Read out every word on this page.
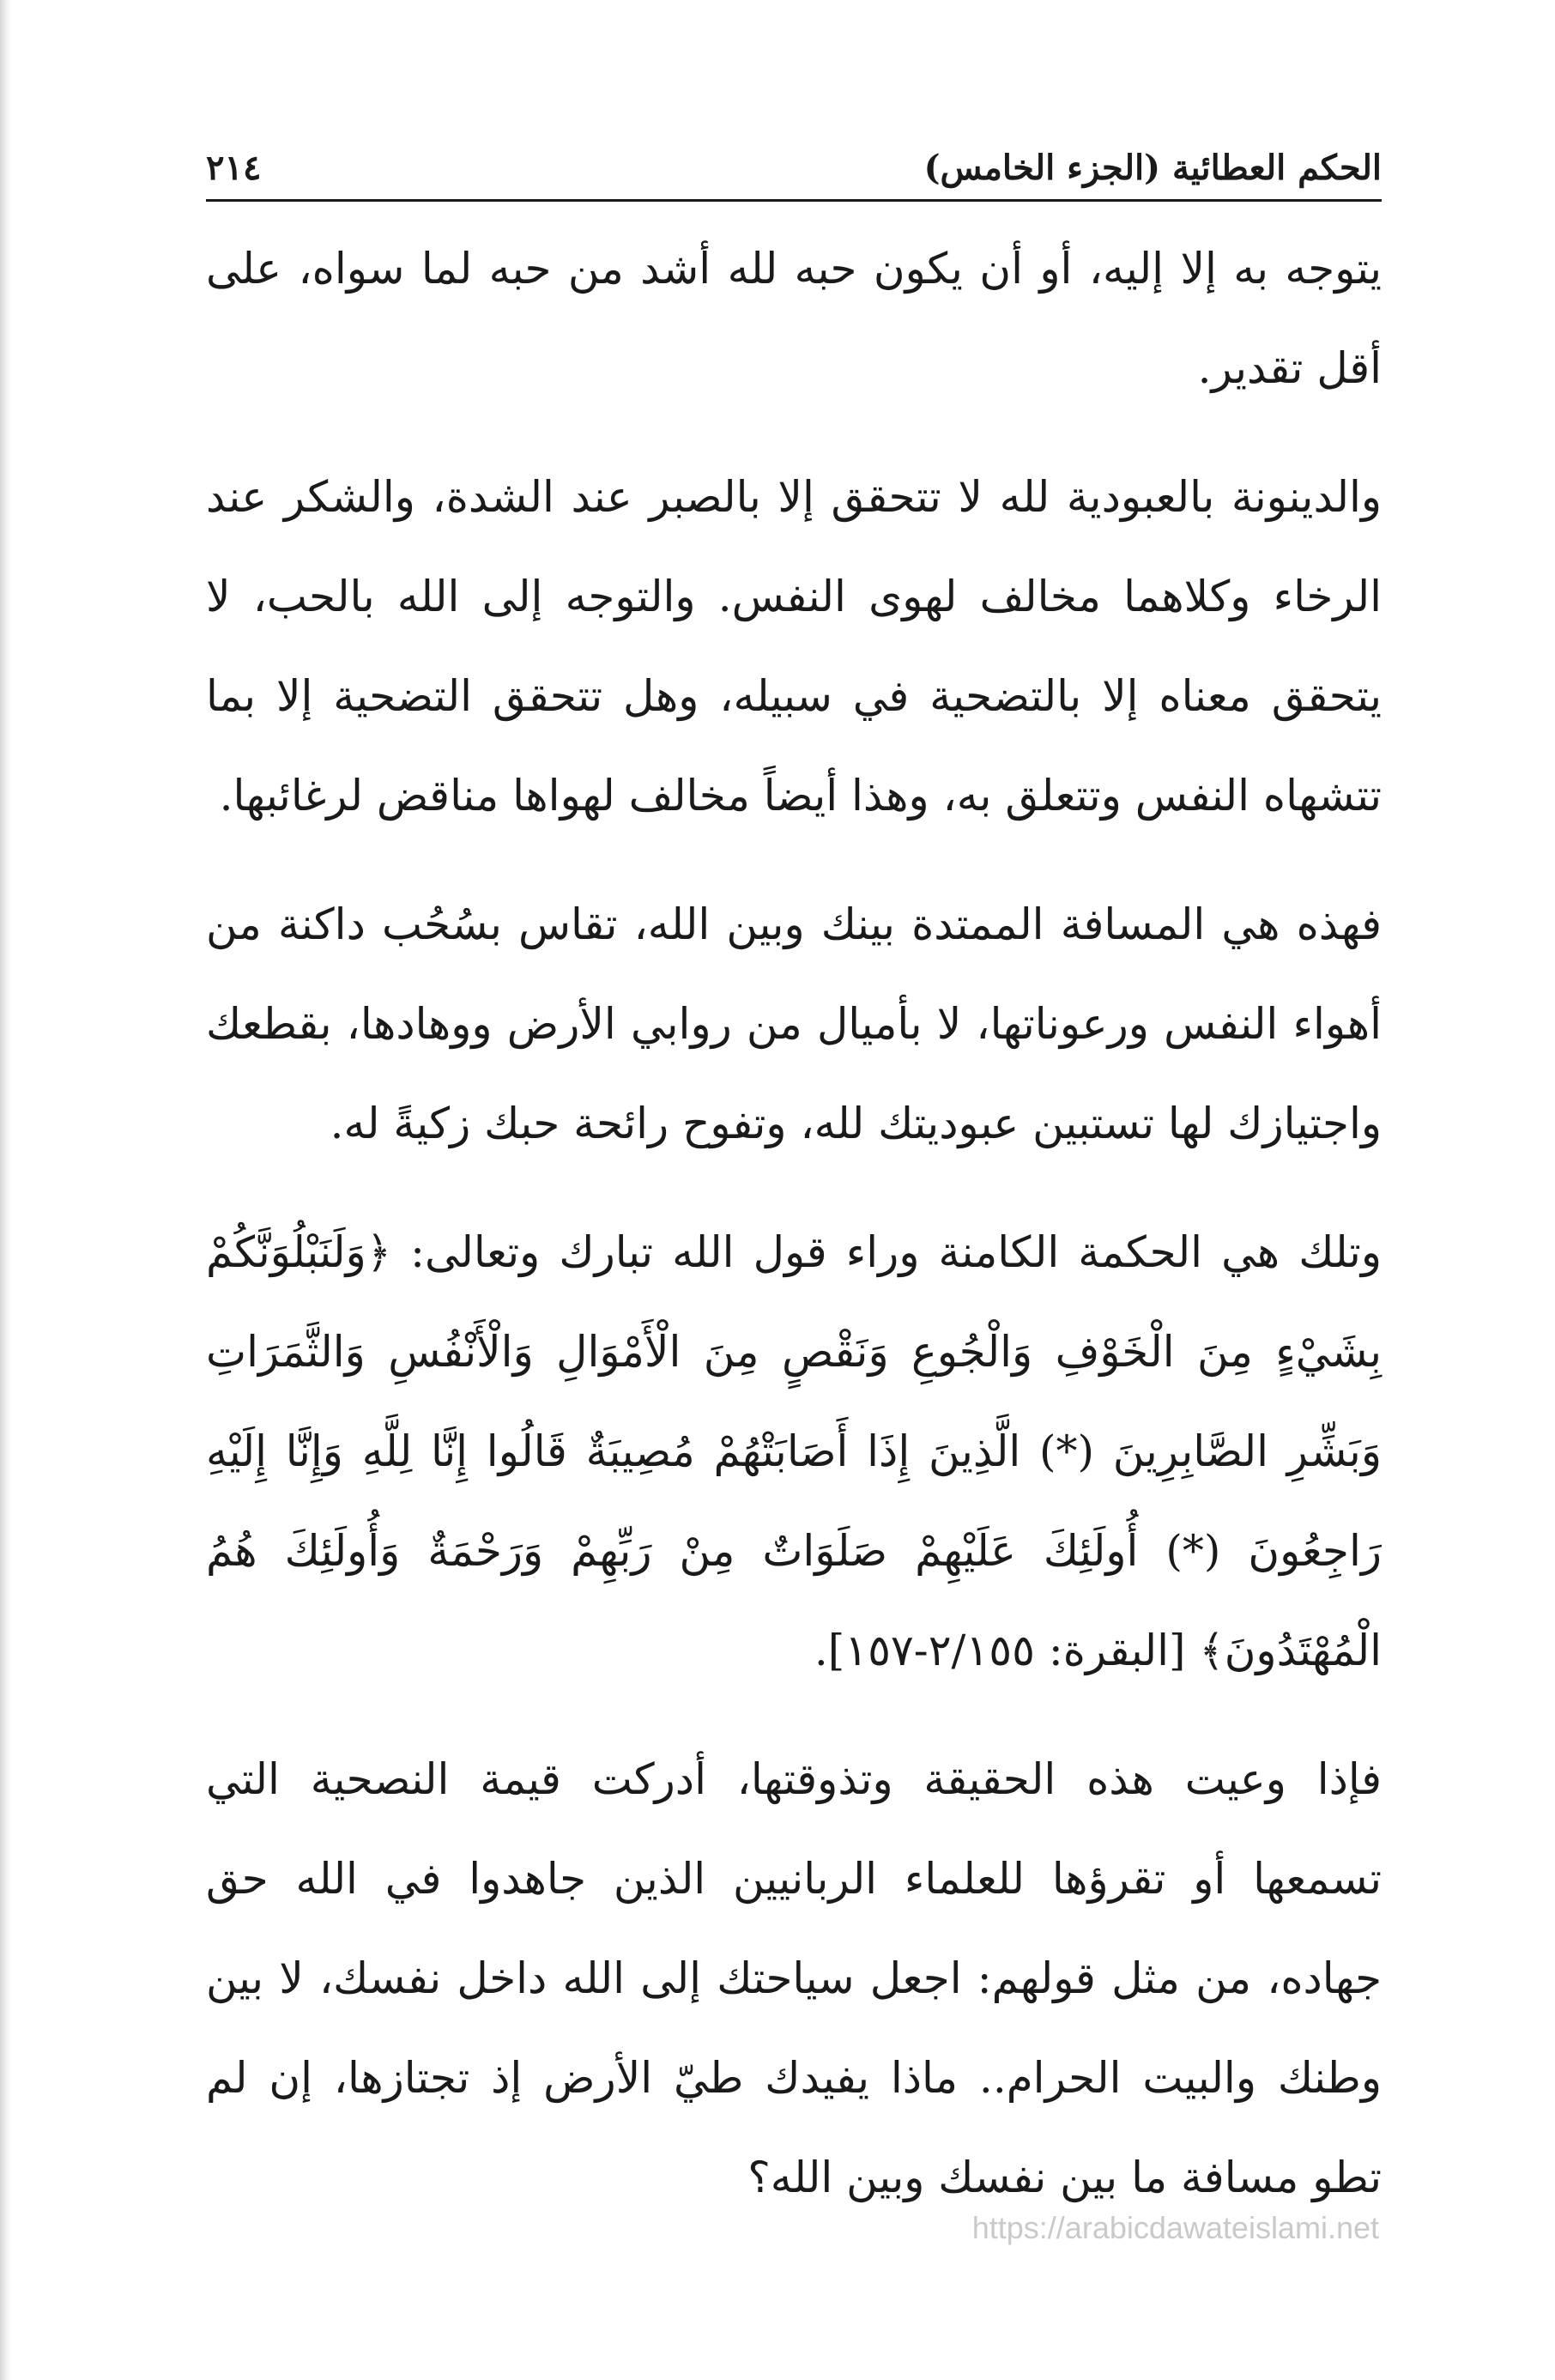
الحكم العطائية (الجزء الخامس)
٢١٤

يتوجه به إلا إليه، أو أن يكون حبه لله أشد من حبه لما سواه، على أقل تقدير.

والدينونة بالعبودية لله لا تتحقق إلا بالصبر عند الشدة، والشكر عند الرخاء وكلاهما مخالف لهوى النفس. والتوجه إلى الله بالحب، لا يتحقق معناه إلا بالتضحية في سبيله، وهل تتحقق التضحية إلا بما تتشهاه النفس وتتعلق به، وهذا أيضاً مخالف لهواها مناقض لرغائبها.

فهذه هي المسافة الممتدة بينك وبين الله، تقاس بسُحُب داكنة من أهواء النفس ورعوناتها، لا بأميال من روابي الأرض ووهادها، بقطعك واجتيازك لها تستبين عبوديتك لله، وتفوح رائحة حبك زكيةً له.

وتلك هي الحكمة الكامنة وراء قول الله تبارك وتعالى: ﴿وَلَنَبْلُوَنَّكُمْ بِشَيْءٍ مِنَ الْخَوْفِ وَالْجُوعِ وَنَقْصٍ مِنَ الْأَمْوَالِ وَالْأَنْفُسِ وَالثَّمَرَاتِ وَبَشِّرِ الصَّابِرِينَ (*) الَّذِينَ إِذَا أَصَابَتْهُمْ مُصِيبَةٌ قَالُوا إِنَّا لِلَّهِ وَإِنَّا إِلَيْهِ رَاجِعُونَ (*) أُولَئِكَ عَلَيْهِمْ صَلَوَاتٌ مِنْ رَبِّهِمْ وَرَحْمَةٌ وَأُولَئِكَ هُمُ الْمُهْتَدُونَ﴾ [البقرة: ٢/١٥٥-١٥٧].

فإذا وعيت هذه الحقيقة وتذوقتها، أدركت قيمة النصحية التي تسمعها أو تقرؤها للعلماء الربانيين الذين جاهدوا في الله حق جهاده، من مثل قولهم: اجعل سياحتك إلى الله داخل نفسك، لا بين وطنك والبيت الحرام.. ماذا يفيدك طيّ الأرض إذ تجتازها، إن لم تطو مسافة ما بين نفسك وبين الله؟

https://arabicdawateislami.net
